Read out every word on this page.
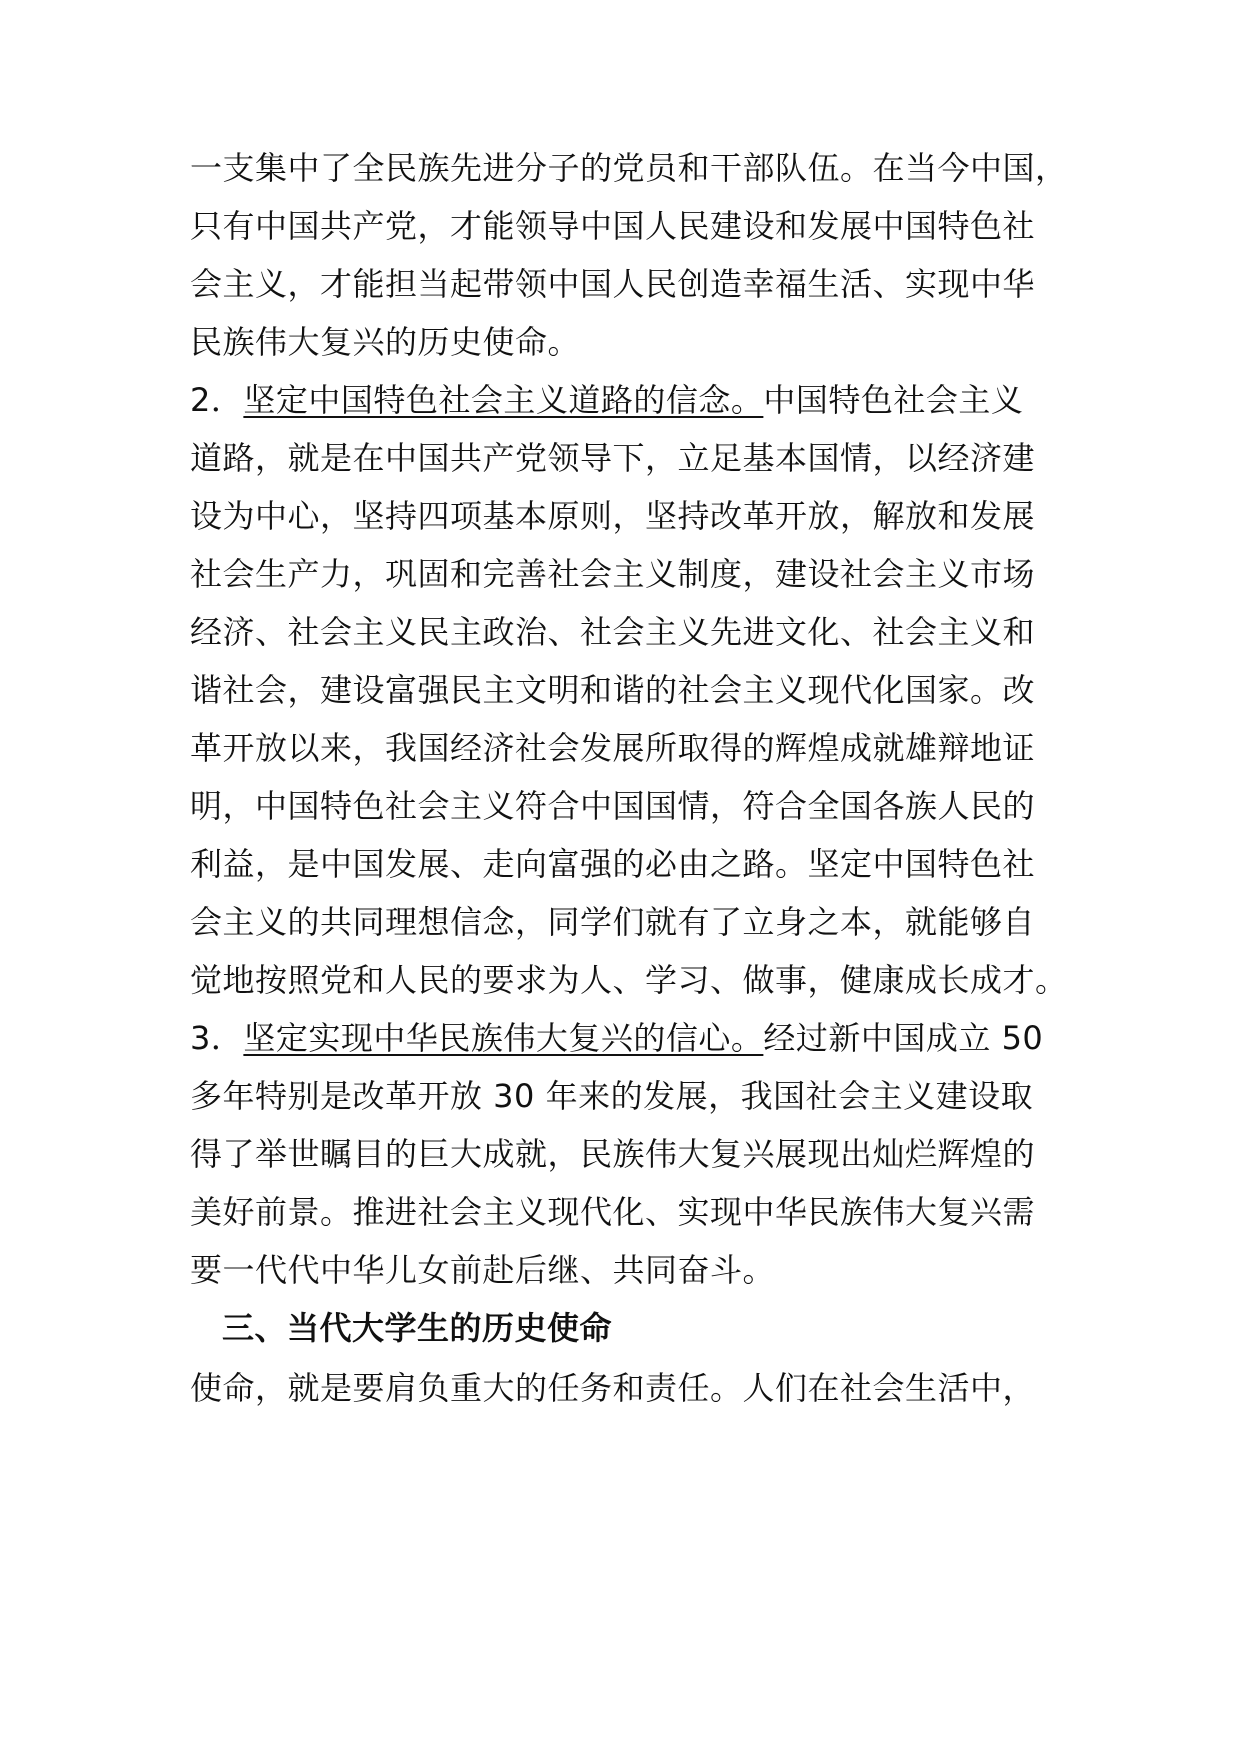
一支集中了全民族先进分子的党员和干部队伍。在当今中国，
只有中国共产党，才能领导中国人民建设和发展中国特色社
会主义，才能担当起带领中国人民创造幸福生活、实现中华
民族伟大复兴的历史使命。
2．坚定中国特色社会主义道路的信念。中国特色社会主义
道路，就是在中国共产党领导下，立足基本国情，以经济建
设为中心，坚持四项基本原则，坚持改革开放，解放和发展
社会生产力，巩固和完善社会主义制度，建设社会主义市场
经济、社会主义民主政治、社会主义先进文化、社会主义和
谐社会，建设富强民主文明和谐的社会主义现代化国家。改
革开放以来，我国经济社会发展所取得的辉煌成就雄辩地证
明，中国特色社会主义符合中国国情，符合全国各族人民的
利益，是中国发展、走向富强的必由之路。坚定中国特色社
会主义的共同理想信念，同学们就有了立身之本，就能够自
觉地按照党和人民的要求为人、学习、做事，健康成长成才。
3．坚定实现中华民族伟大复兴的信心。经过新中国成立 50
多年特别是改革开放 30 年来的发展，我国社会主义建设取
得了举世瞩目的巨大成就，民族伟大复兴展现出灿烂辉煌的
美好前景。推进社会主义现代化、实现中华民族伟大复兴需
要一代代中华儿女前赴后继、共同奋斗。
三、当代大学生的历史使命
使命，就是要肩负重大的任务和责任。人们在社会生活中，
